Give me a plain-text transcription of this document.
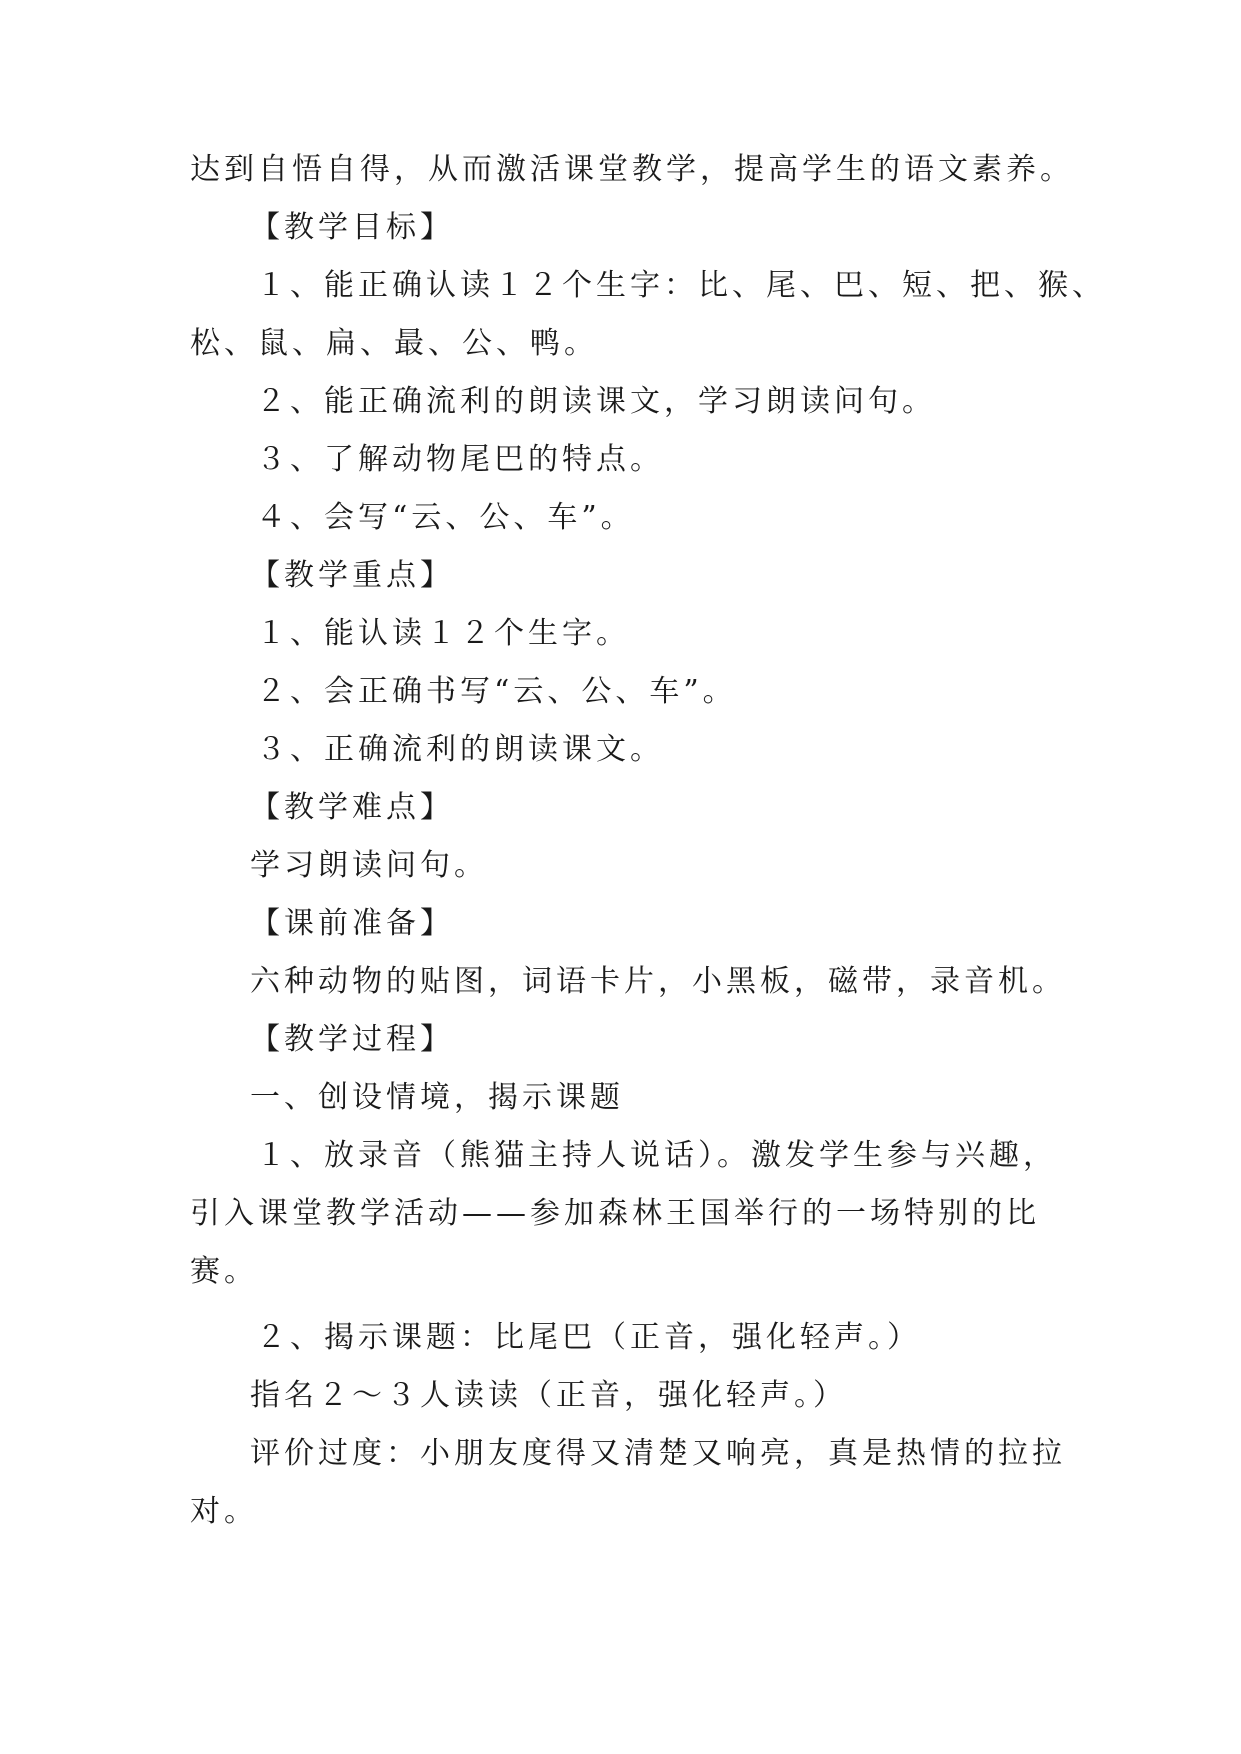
达到自悟自得，从而激活课堂教学，提高学生的语文素养。
【教学目标】
１、能正确认读１２个生字：比、尾、巴、短、把、猴、
松、鼠、扁、最、公、鸭。
２、能正确流利的朗读课文，学习朗读问句。
３、了解动物尾巴的特点。
４、会写“云、公、车”。
【教学重点】
１、能认读１２个生字。
２、会正确书写“云、公、车”。
３、正确流利的朗读课文。
【教学难点】
学习朗读问句。
【课前准备】
六种动物的贴图，词语卡片，小黑板，磁带，录音机。
【教学过程】
一、创设情境，揭示课题
１、放录音（熊猫主持人说话）。激发学生参与兴趣，
引入课堂教学活动——参加森林王国举行的一场特别的比
赛。
２、揭示课题：比尾巴（正音，强化轻声。）
指名２～３人读读（正音，强化轻声。）
评价过度：小朋友度得又清楚又响亮，真是热情的拉拉
对。
